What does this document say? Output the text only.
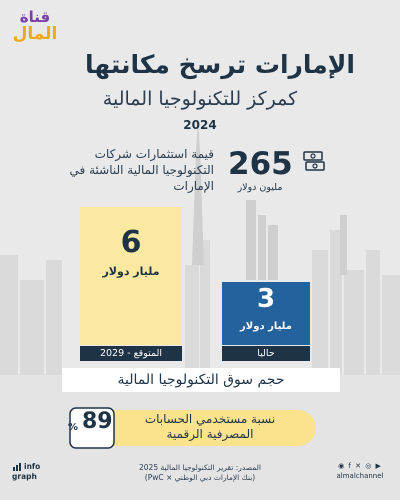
قناة
المال
الإمارات ترسخ مكانتها
كمركز للتكنولوجيا المالية
2024
265
مليون دولار
قيمة استثمارات شركات التكنولوجيا المالية الناشئة في الإمارات
6
مليار دولار
3
مليار دولار
المتوقع - 2029	حاليا
حجم سوق التكنولوجيا المالية
% 89	نسبة مستخدمي الحسابات المصرفية الرقمية
info
graph
المصدر: تقرير التكنولوجيا المالية 2025
(بنك الإمارات دبي الوطني × PwC)
◉ f ✕ ◎ ▶
almalchannel
